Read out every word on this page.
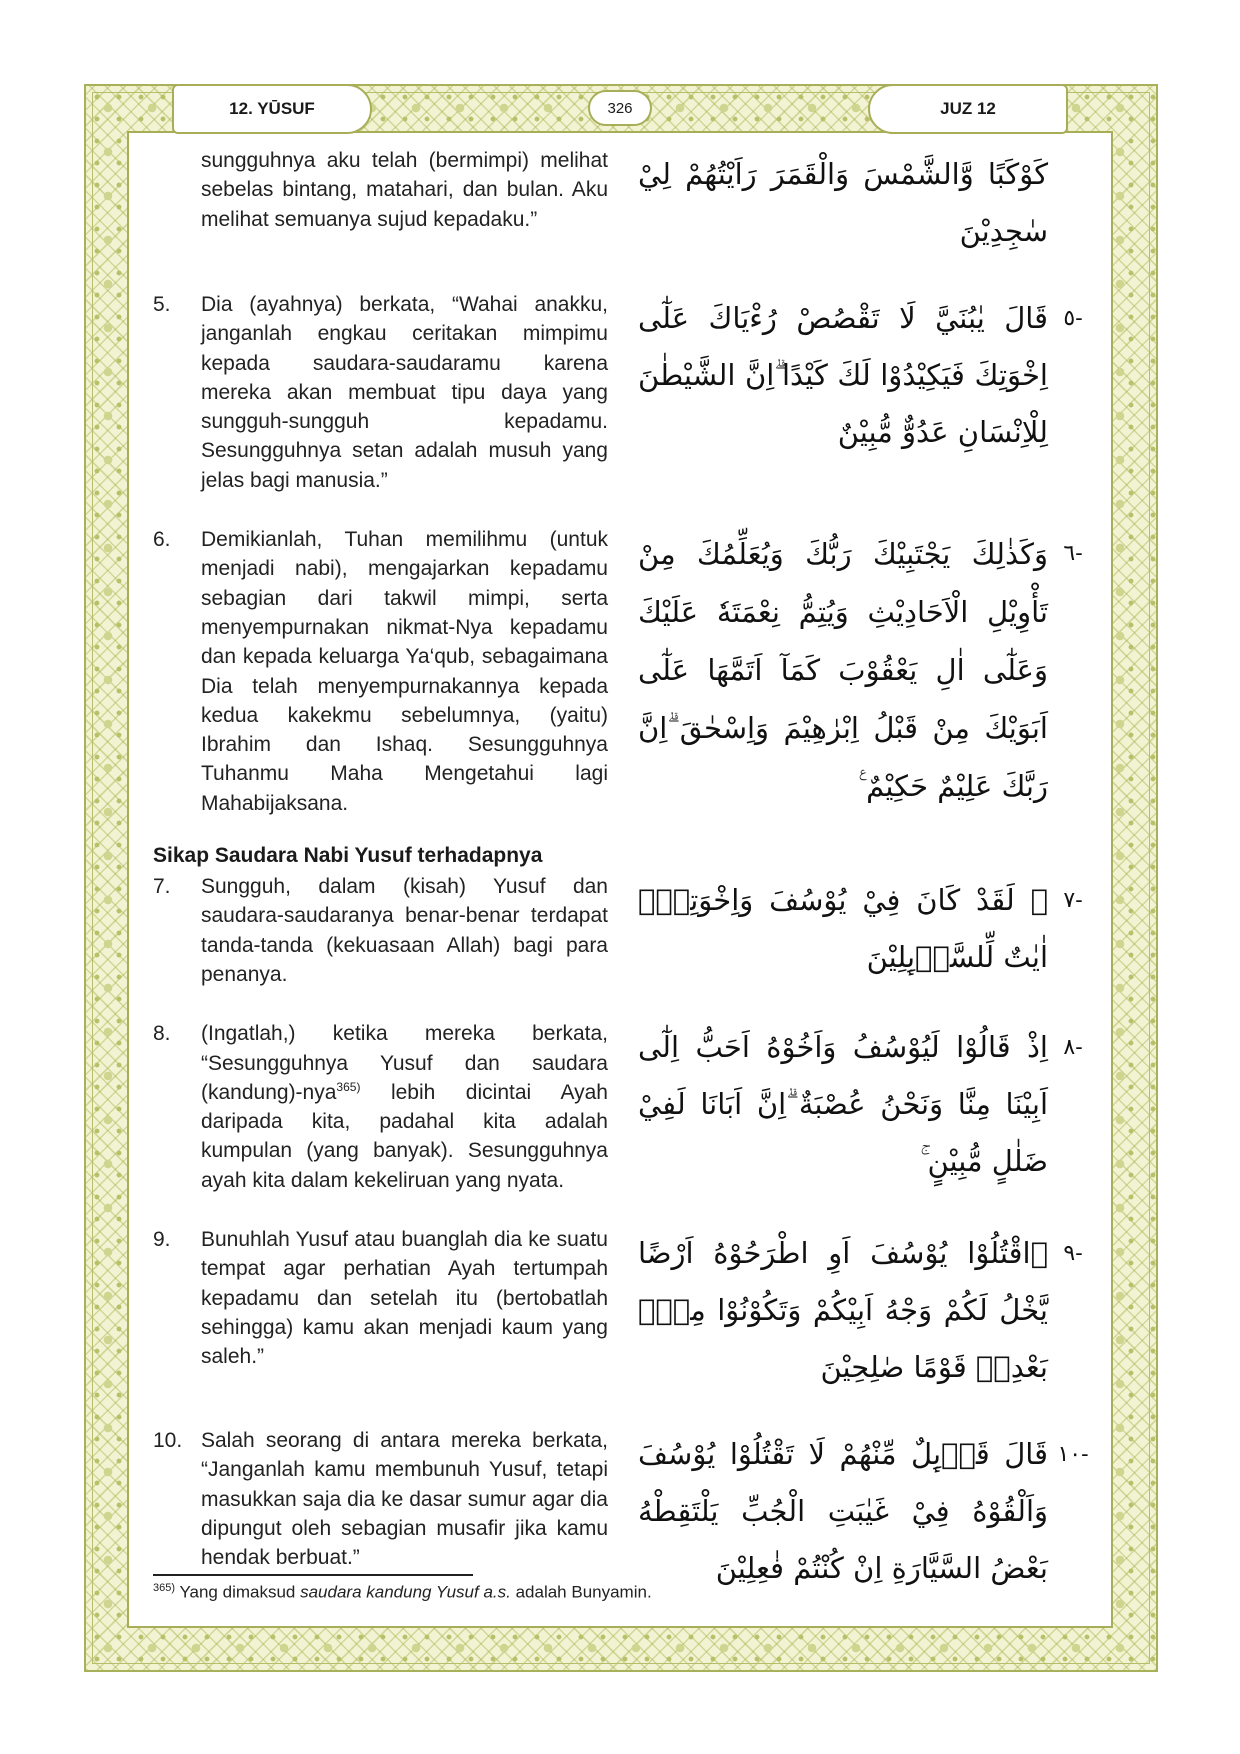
12. YŪSUF	326	JUZ 12
sungguhnya aku telah (bermimpi) melihat sebelas bintang, matahari, dan bulan. Aku melihat semuanya sujud kepadaku.”
كَوْكَبًا وَّالشَّمْسَ وَالْقَمَرَ رَاَيْتُهُمْ لِيْ سٰجِدِيْنَ
5.	Dia (ayahnya) berkata, “Wahai anakku, janganlah engkau ceritakan mimpimu kepada saudara-saudaramu karena mereka akan membuat tipu daya yang sungguh-sungguh kepadamu. Sesungguhnya setan adalah musuh yang jelas bagi manusia.”
-٥
قَالَ يٰبُنَيَّ لَا تَقْصُصْ رُءْيَاكَ عَلٰٓى اِخْوَتِكَ فَيَكِيْدُوْا لَكَ كَيْدًا ۗاِنَّ الشَّيْطٰنَ لِلْاِنْسَانِ عَدُوٌّ مُّبِيْنٌ
6.	Demikianlah, Tuhan memilihmu (untuk menjadi nabi), mengajarkan kepadamu sebagian dari takwil mimpi, serta menyempurnakan nikmat-Nya kepadamu dan kepada keluarga Ya‘qub, sebagaimana Dia telah menyempurnakannya kepada kedua kakekmu sebelumnya, (yaitu) Ibrahim dan Ishaq. Sesungguhnya Tuhanmu Maha Mengetahui lagi Mahabijaksana.
-٦
وَكَذٰلِكَ يَجْتَبِيْكَ رَبُّكَ وَيُعَلِّمُكَ مِنْ تَأْوِيْلِ الْاَحَادِيْثِ وَيُتِمُّ نِعْمَتَهٗ عَلَيْكَ وَعَلٰٓى اٰلِ يَعْقُوْبَ كَمَآ اَتَمَّهَا عَلٰٓى اَبَوَيْكَ مِنْ قَبْلُ اِبْرٰهِيْمَ وَاِسْحٰقَ ۗاِنَّ رَبَّكَ عَلِيْمٌ حَكِيْمٌ ࣖ
Sikap Saudara Nabi Yusuf terhadapnya
7.	Sungguh, dalam (kisah) Yusuf dan saudara-saudaranya benar-benar terdapat tanda-tanda (kekuasaan Allah) bagi para penanya.
-٧
۞ لَقَدْ كَانَ فِيْ يُوْسُفَ وَاِخْوَتِهٖٓ اٰيٰتٌ لِّلسَّاۤىِٕلِيْنَ
8.	(Ingatlah,) ketika mereka berkata, “Sesungguhnya Yusuf dan saudara (kandung)-nya$^{365)}$ lebih dicintai Ayah daripada kita, padahal kita adalah kumpulan (yang banyak). Sesungguhnya ayah kita dalam kekeliruan yang nyata.
-٨
اِذْ قَالُوْا لَيُوْسُفُ وَاَخُوْهُ اَحَبُّ اِلٰٓى اَبِيْنَا مِنَّا وَنَحْنُ عُصْبَةٌ ۗاِنَّ اَبَانَا لَفِيْ ضَلٰلٍ مُّبِيْنٍ ۚ
9.	Bunuhlah Yusuf atau buanglah dia ke suatu tempat agar perhatian Ayah tertumpah kepadamu dan setelah itu (bertobatlah sehingga) kamu akan menjadi kaum yang saleh.”
-٩
ۨاقْتُلُوْا يُوْسُفَ اَوِ اطْرَحُوْهُ اَرْضًا يَّخْلُ لَكُمْ وَجْهُ اَبِيْكُمْ وَتَكُوْنُوْا مِنْۢ بَعْدِهٖ قَوْمًا صٰلِحِيْنَ
10. Salah seorang di antara mereka berkata, “Janganlah kamu membunuh Yusuf, tetapi masukkan saja dia ke dasar sumur agar dia dipungut oleh sebagian musafir jika kamu hendak berbuat.”
-١٠
قَالَ قَاۤىِٕلٌ مِّنْهُمْ لَا تَقْتُلُوْا يُوْسُفَ وَاَلْقُوْهُ فِيْ غَيٰبَتِ الْجُبِّ يَلْتَقِطْهُ بَعْضُ السَّيَّارَةِ اِنْ كُنْتُمْ فٰعِلِيْنَ
$^{365)}$ Yang dimaksud saudara kandung Yusuf a.s. adalah Bunyamin.
